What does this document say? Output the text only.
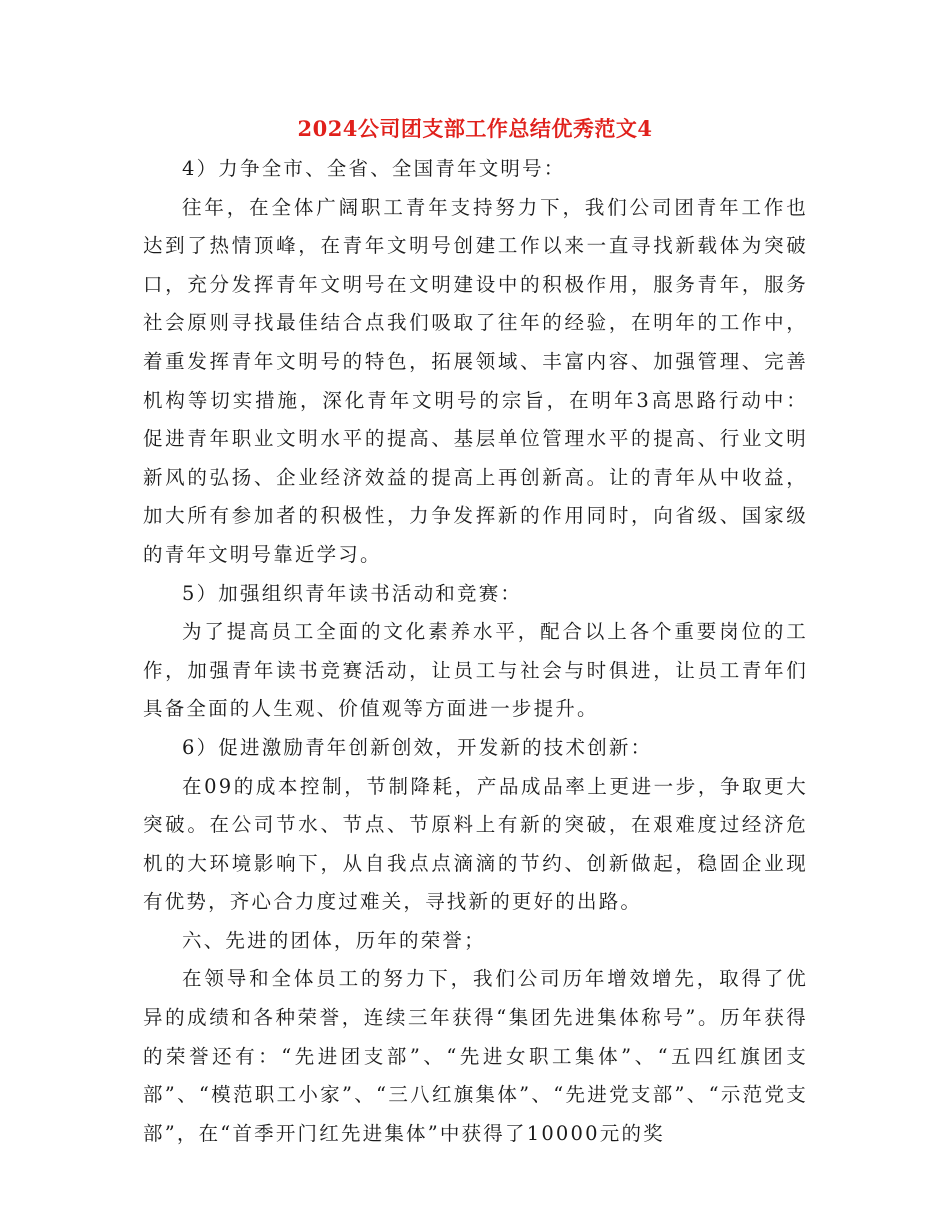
2024公司团支部工作总结优秀范文4

4）力争全市、全省、全国青年文明号：

往年，在全体广阔职工青年支持努力下，我们公司团青年工作也达到了热情顶峰，在青年文明号创建工作以来一直寻找新载体为突破口，充分发挥青年文明号在文明建设中的积极作用，服务青年，服务社会原则寻找最佳结合点我们吸取了往年的经验，在明年的工作中，着重发挥青年文明号的特色，拓展领域、丰富内容、加强管理、完善机构等切实措施，深化青年文明号的宗旨，在明年3高思路行动中：促进青年职业文明水平的提高、基层单位管理水平的提高、行业文明新风的弘扬、企业经济效益的提高上再创新高。让的青年从中收益，加大所有参加者的积极性，力争发挥新的作用同时，向省级、国家级的青年文明号靠近学习。

5）加强组织青年读书活动和竞赛：

为了提高员工全面的文化素养水平，配合以上各个重要岗位的工作，加强青年读书竞赛活动，让员工与社会与时俱进，让员工青年们具备全面的人生观、价值观等方面进一步提升。

6）促进激励青年创新创效，开发新的技术创新：

在09的成本控制，节制降耗，产品成品率上更进一步，争取更大突破。在公司节水、节点、节原料上有新的突破，在艰难度过经济危机的大环境影响下，从自我点点滴滴的节约、创新做起，稳固企业现有优势，齐心合力度过难关，寻找新的更好的出路。

六、先进的团体，历年的荣誉；

在领导和全体员工的努力下，我们公司历年增效增先，取得了优异的成绩和各种荣誉，连续三年获得“集团先进集体称号”。历年获得的荣誉还有：“先进团支部”、“先进女职工集体”、“五四红旗团支部”、“模范职工小家”、“三八红旗集体”、“先进党支部”、“示范党支部”，在“首季开门红先进集体”中获得了10000元的奖
